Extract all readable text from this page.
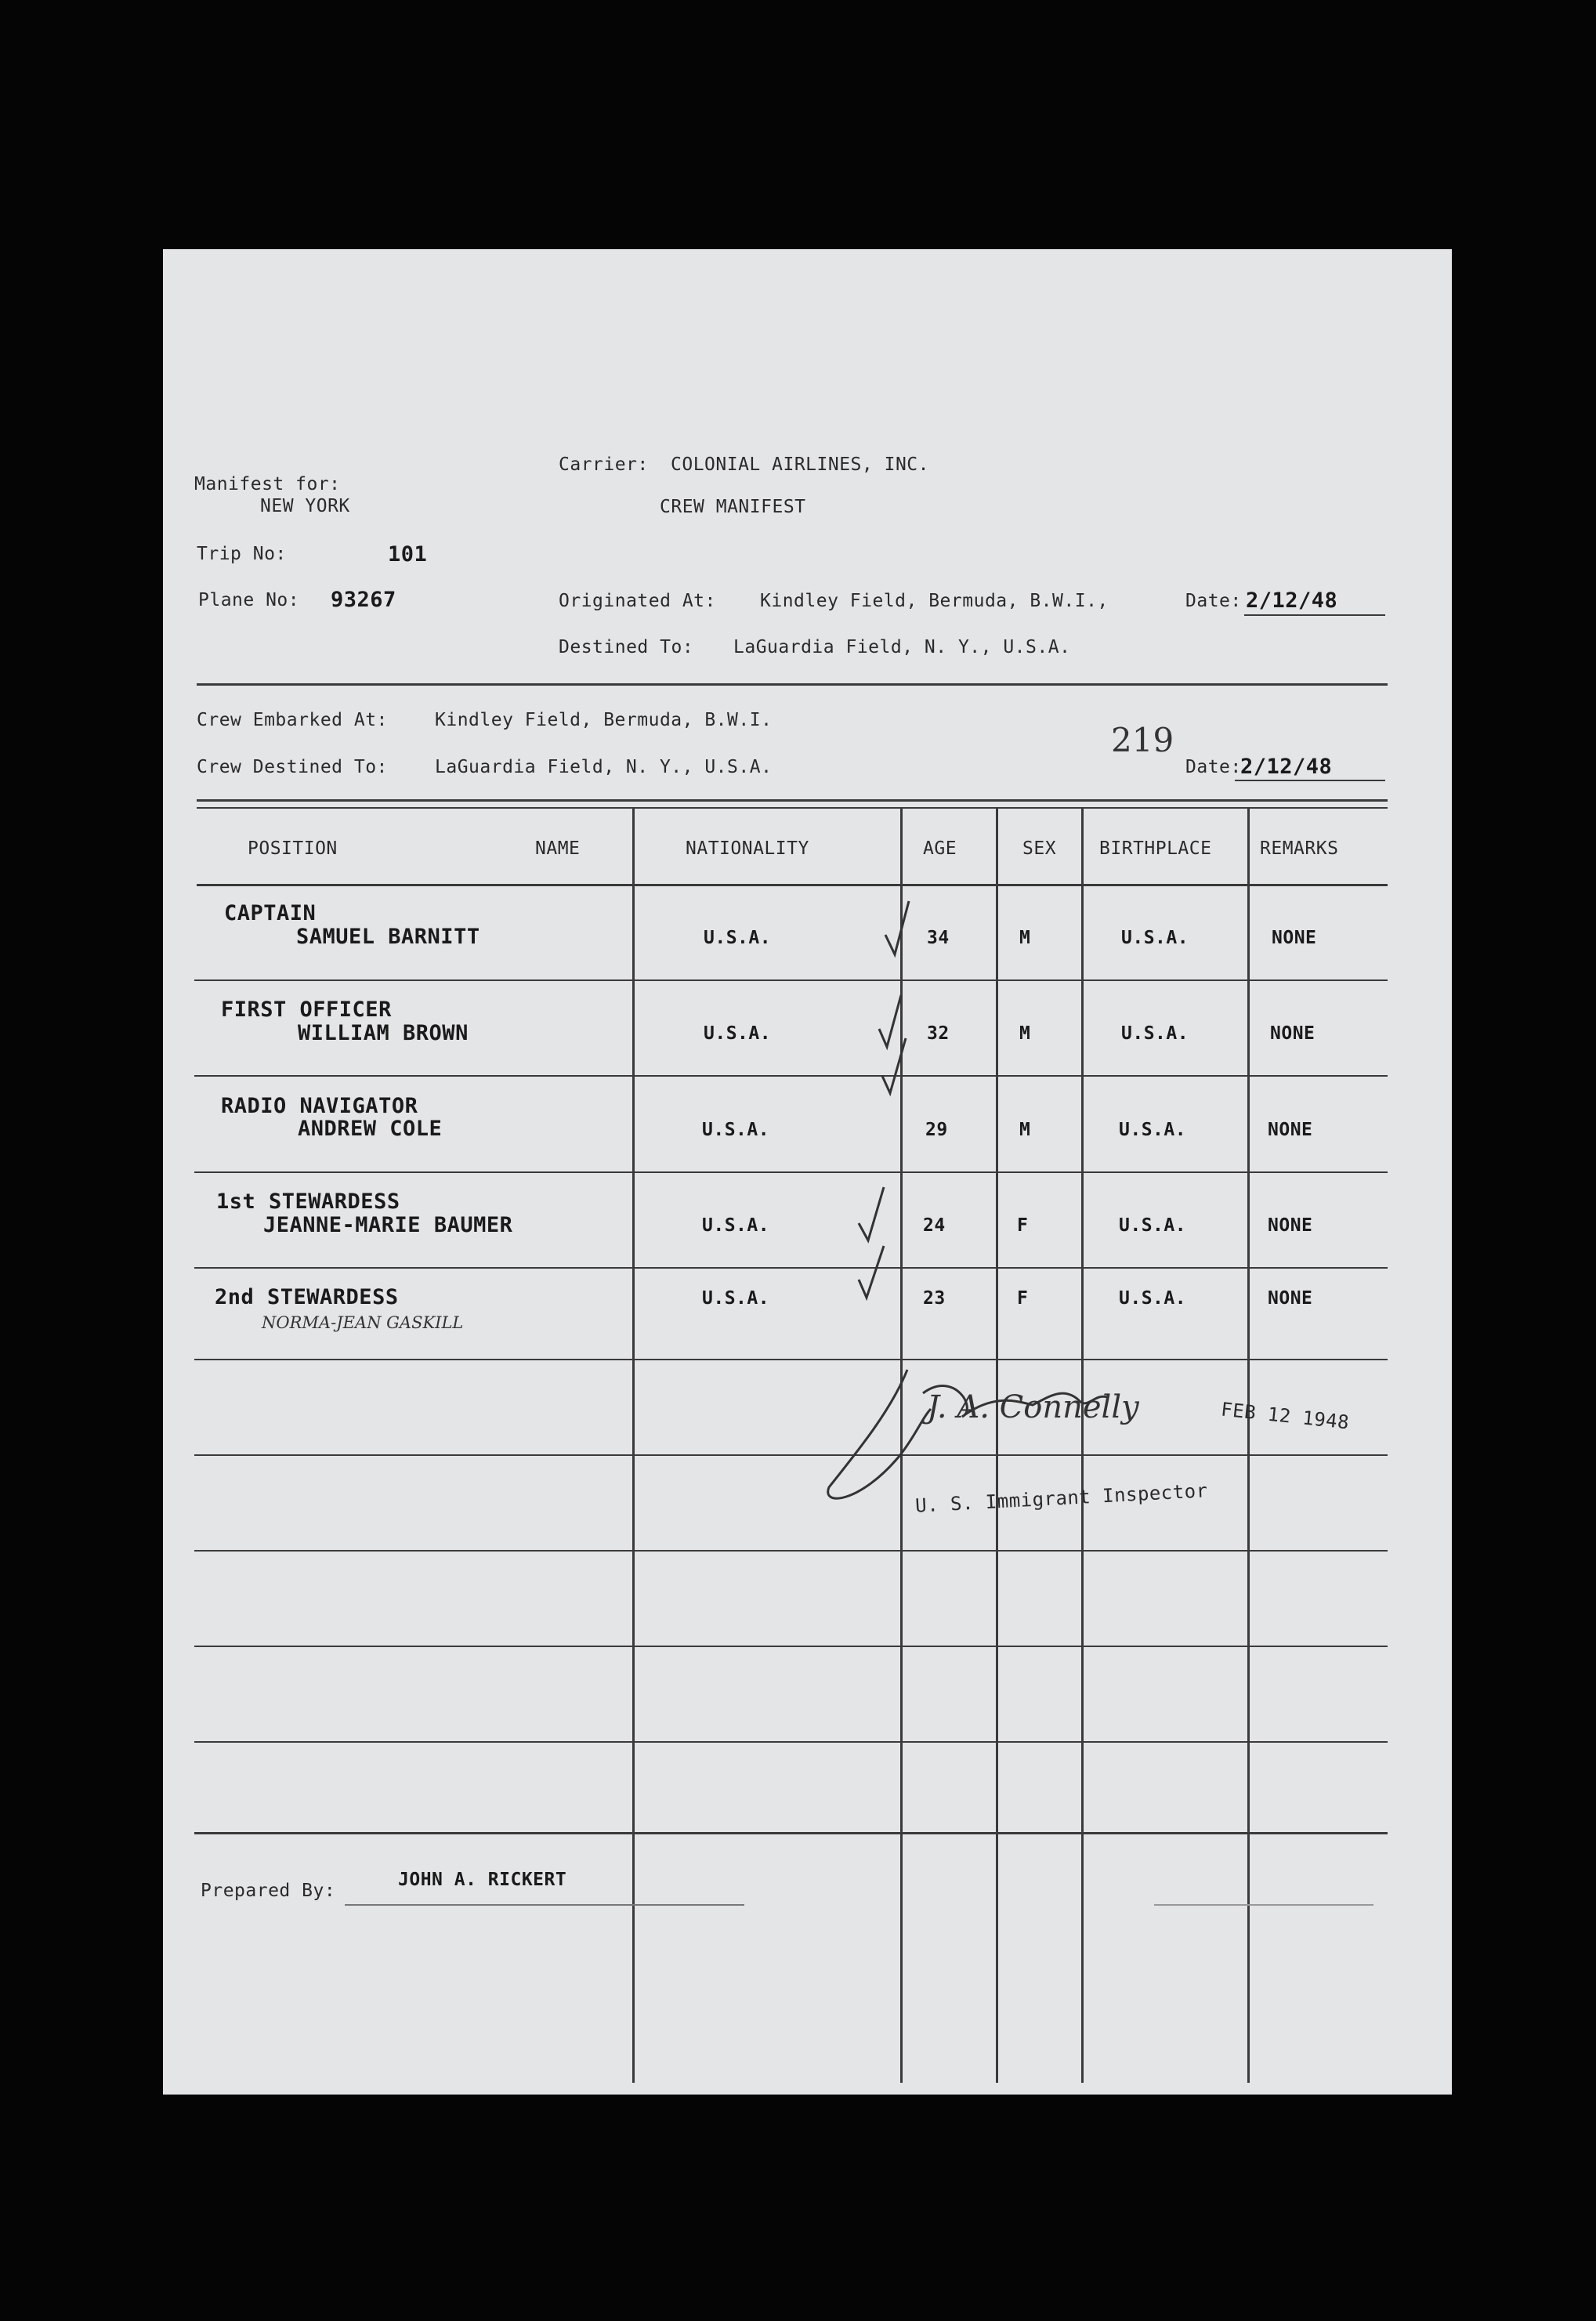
Manifest for:
NEW YORK
Carrier: COLONIAL AIRLINES, INC.
CREW MANIFEST
Trip No:	101
Plane No: 93267	Originated At: Kindley Field, Bermuda, B.W.I.,	Date: 2/12/48
Destined To: LaGuardia Field, N. Y., U.S.A.
Crew Embarked At:	Kindley Field, Bermuda, B.W.I.
219
Crew Destined To:	LaGuardia Field, N. Y., U.S.A.	Date:
2/12/48
POSITION	NAME	NATIONALITY	AGE	SEX BIRTHPLACE	REMARKS
CAPTAIN
SAMUEL BARNITT	U.S.A.	34	M	U.S.A.	NONE
FIRST OFFICER
WILLIAM BROWN	U.S.A.	32	M	U.S.A.	NONE
RADIO NAVIGATOR
ANDREW COLE	U.S.A.	29	M	U.S.A.	NONE
1st STEWARDESS
JEANNE-MARIE BAUMER	U.S.A.	24	F	U.S.A.	NONE
2nd STEWARDESS
NORMA-JEAN GASKILL
U.S.A.	23	F	U.S.A.	NONE
J. A. Connelly	FEB 12 1948
U. S. Immigrant Inspector
Prepared By:
JOHN A. RICKERT
